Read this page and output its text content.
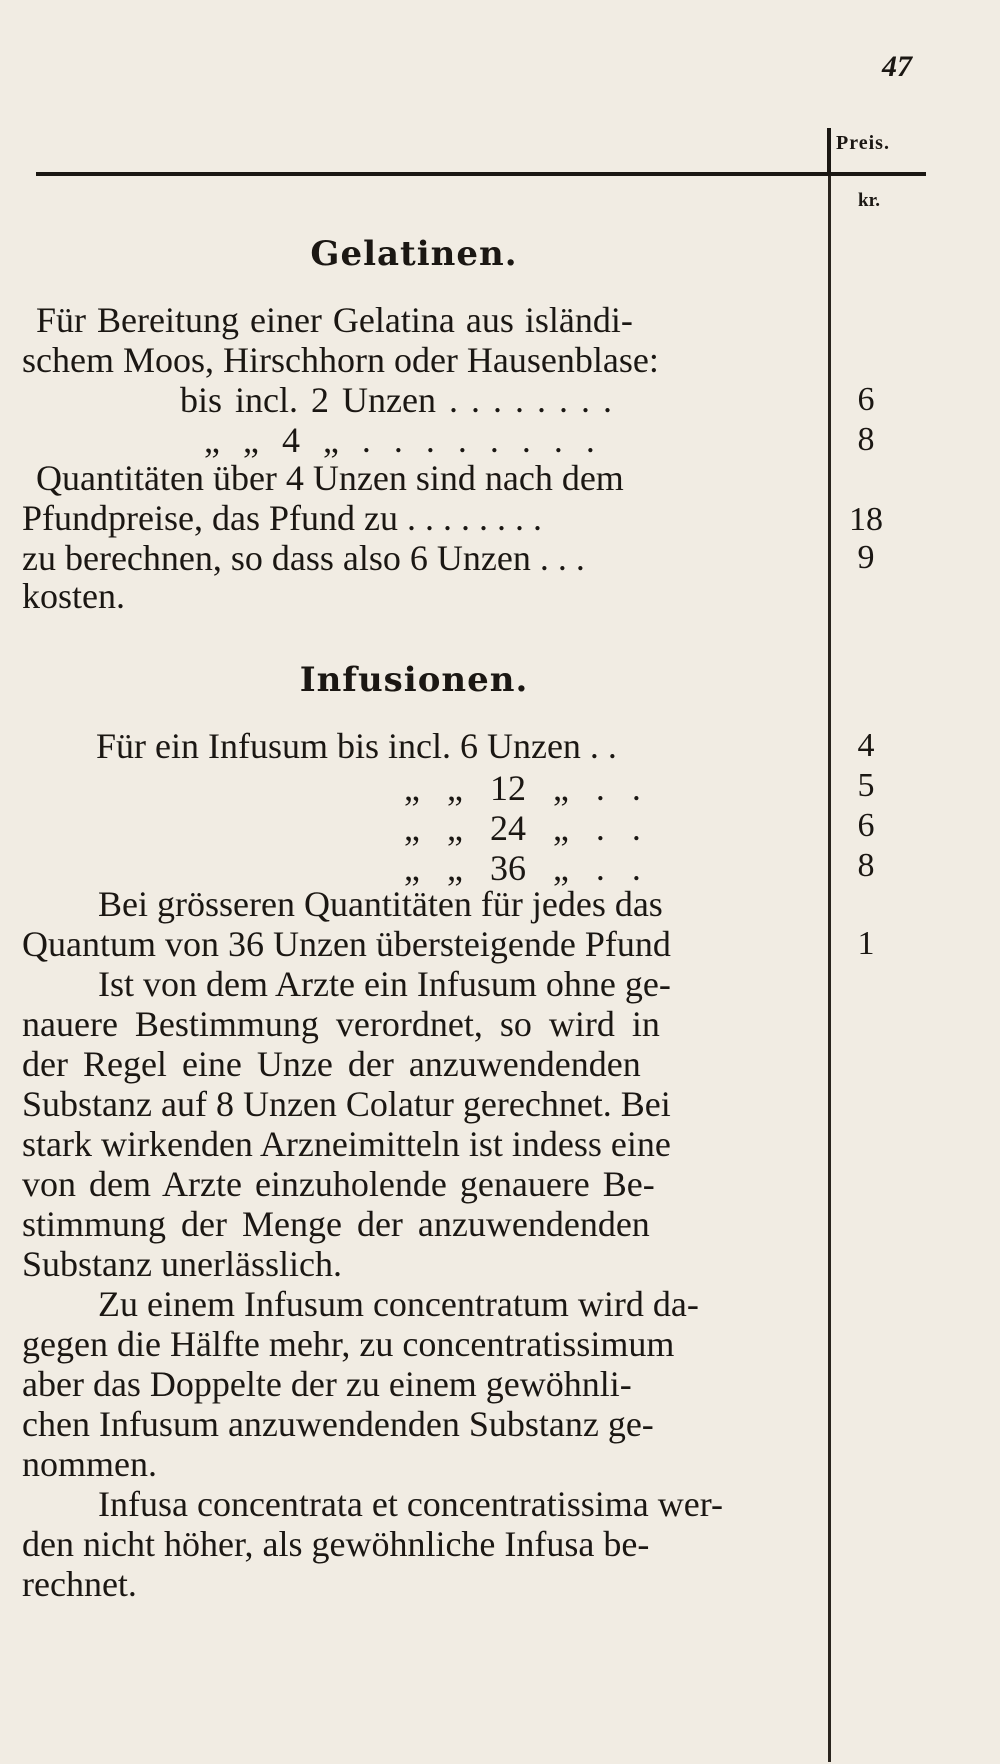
47
Preis.
kr.
Gelatinen.
Für Bereitung einer Gelatina aus isländi-
schem Moos, Hirschhorn oder Hausenblase:
bis incl. 2 Unzen . . . . . . . .
„ „ 4 „ . . . . . . . .
Quantitäten über 4 Unzen sind nach dem
Pfundpreise, das Pfund zu . . . . . . . .
zu berechnen, so dass also 6 Unzen . . .
kosten.
6
8
18
9
Infusionen.
Für ein Infusum bis incl. 6 Unzen . .
„ „ 12 „ . .
„ „ 24 „ . .
„ „ 36 „ . .
Bei grösseren Quantitäten für jedes das
Quantum von 36 Unzen übersteigende Pfund
Ist von dem Arzte ein Infusum ohne ge-
nauere Bestimmung verordnet, so wird in
der Regel eine Unze der anzuwendenden
Substanz auf 8 Unzen Colatur gerechnet. Bei
stark wirkenden Arzneimitteln ist indess eine
von dem Arzte einzuholende genauere Be-
stimmung der Menge der anzuwendenden
Substanz unerlässlich.
Zu einem Infusum concentratum wird da-
gegen die Hälfte mehr, zu concentratissimum
aber das Doppelte der zu einem gewöhnli-
chen Infusum anzuwendenden Substanz ge-
nommen.
Infusa concentrata et concentratissima wer-
den nicht höher, als gewöhnliche Infusa be-
rechnet.
4
5
6
8
1
